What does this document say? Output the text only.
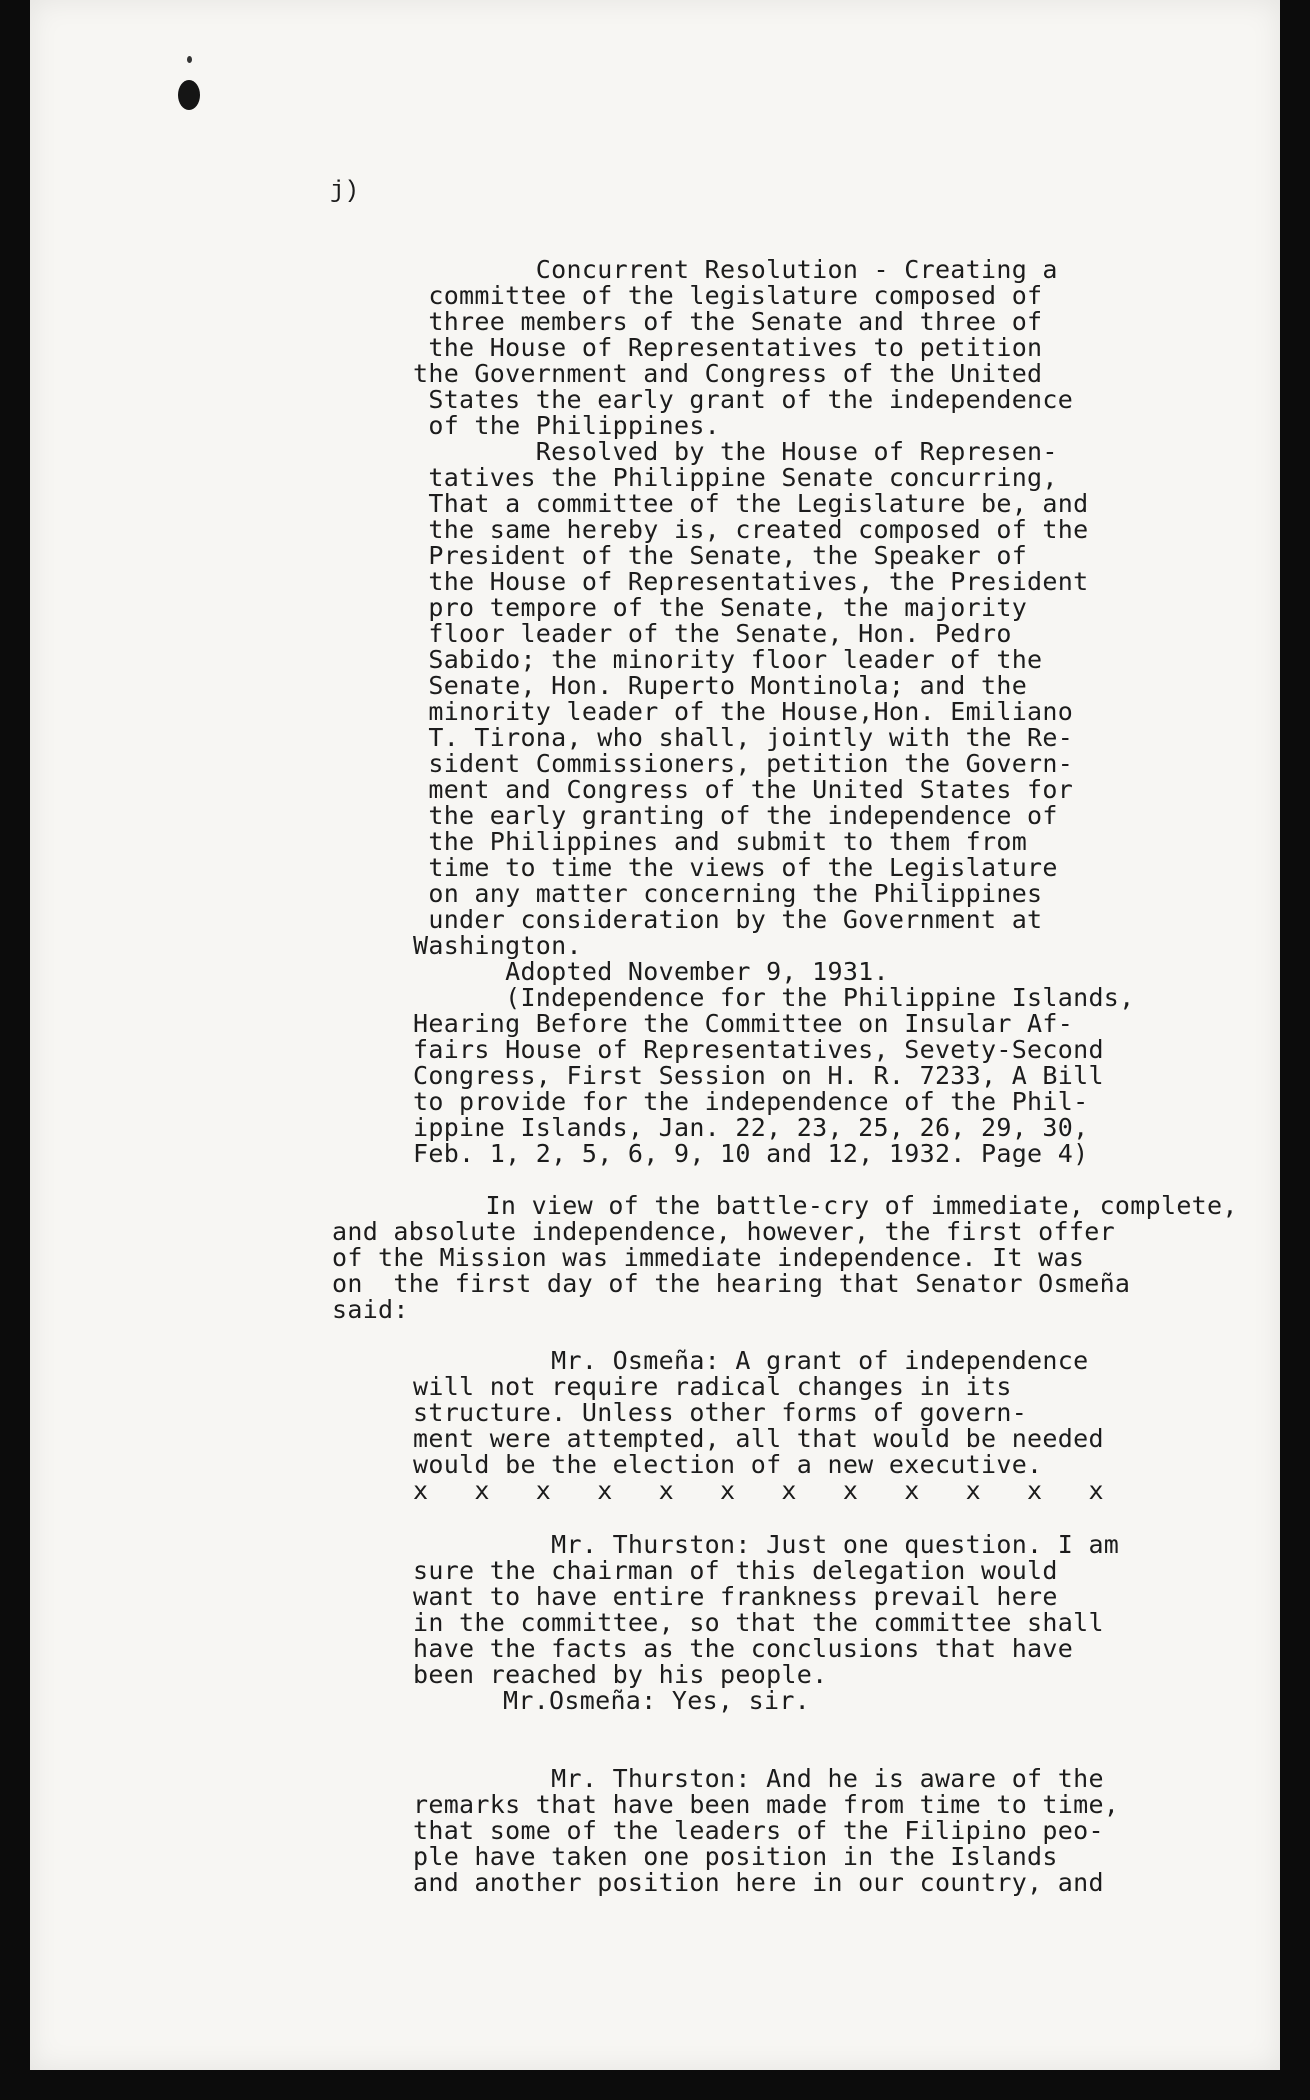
j)
Concurrent Resolution - Creating a
committee of the legislature composed of
three members of the Senate and three of
the House of Representatives to petition
the Government and Congress of the United
States the early grant of the independence
of the Philippines.
Resolved by the House of Represen-
tatives the Philippine Senate concurring,
That a committee of the Legislature be, and
the same hereby is, created composed of the
President of the Senate, the Speaker of
the House of Representatives, the President
pro tempore of the Senate, the majority
floor leader of the Senate, Hon. Pedro
Sabido; the minority floor leader of the
Senate, Hon. Ruperto Montinola; and the
minority leader of the House,Hon. Emiliano
T. Tirona, who shall, jointly with the Re-
sident Commissioners, petition the Govern-
ment and Congress of the United States for
the early granting of the independence of
the Philippines and submit to them from
time to time the views of the Legislature
on any matter concerning the Philippines
under consideration by the Government at
Washington.
Adopted November 9, 1931.
(Independence for the Philippine Islands,
Hearing Before the Committee on Insular Af-
fairs House of Representatives, Sevety-Second
Congress, First Session on H. R. 7233, A Bill
to provide for the independence of the Phil-
ippine Islands, Jan. 22, 23, 25, 26, 29, 30,
Feb. 1, 2, 5, 6, 9, 10 and 12, 1932. Page 4)
In view of the battle-cry of immediate, complete,
and absolute independence, however, the first offer
of the Mission was immediate independence. It was
on  the first day of the hearing that Senator Osmeña
said:
Mr. Osmeña: A grant of independence
will not require radical changes in its
structure. Unless other forms of govern-
ment were attempted, all that would be needed
would be the election of a new executive.
x   x   x   x   x   x   x   x   x   x   x   x
Mr. Thurston: Just one question. I am
sure the chairman of this delegation would
want to have entire frankness prevail here
in the committee, so that the committee shall
have the facts as the conclusions that have
been reached by his people.
Mr.Osmeña: Yes, sir.
Mr. Thurston: And he is aware of the
remarks that have been made from time to time,
that some of the leaders of the Filipino peo-
ple have taken one position in the Islands
and another position here in our country, and
